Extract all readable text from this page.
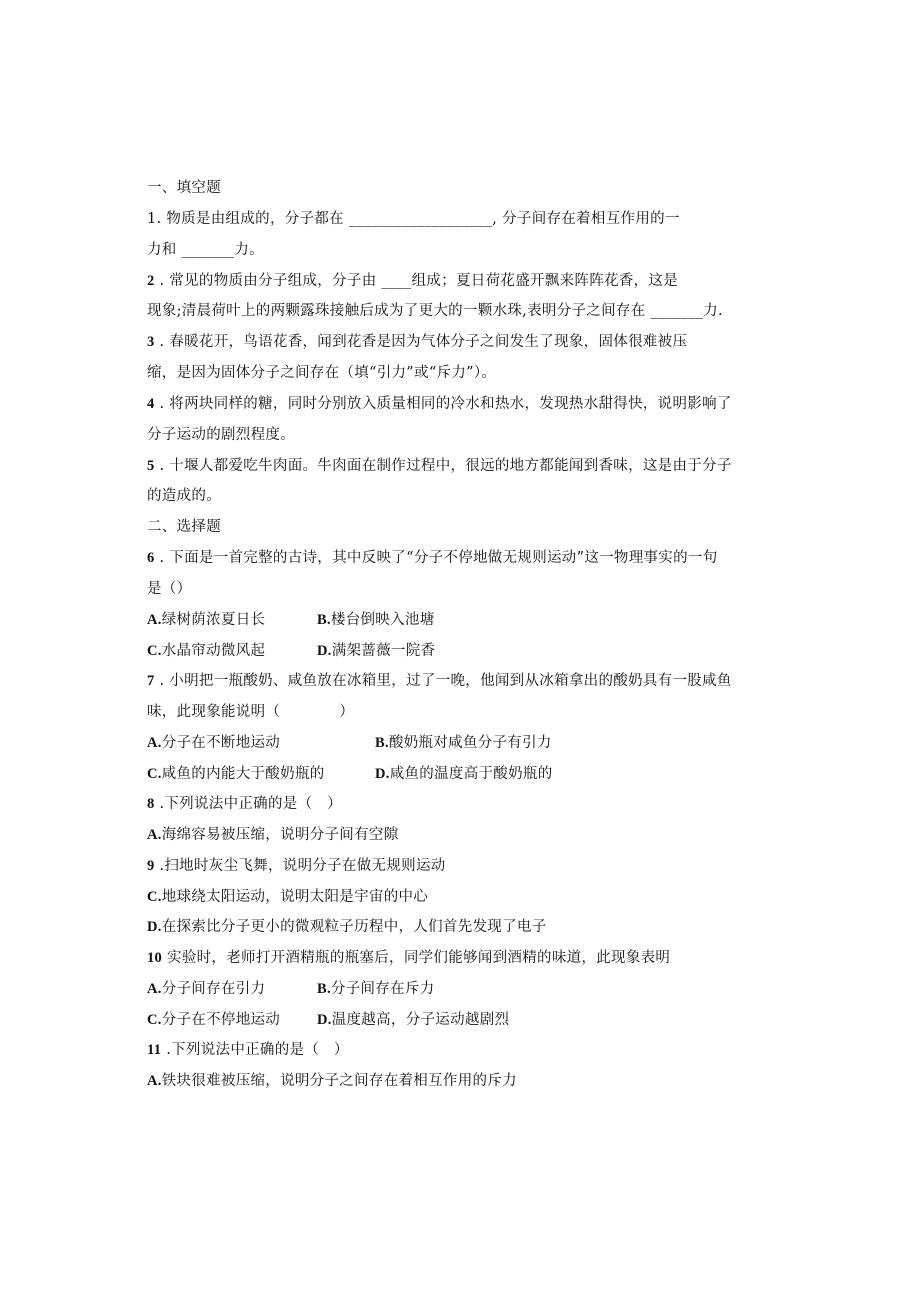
一、填空题
1. 物质是由组成的，分子都在 ___________________, 分子间存在着相互作用的一
力和 _______力。
2 . 常见的物质由分子组成，分子由 ____组成；夏日荷花盛开飘来阵阵花香，这是
现象;清晨荷叶上的两颗露珠接触后成为了更大的一颗水珠,表明分子之间存在 _______力.
3 . 春暖花开，鸟语花香，闻到花香是因为气体分子之间发生了现象，固体很难被压
缩，是因为固体分子之间存在（填“引力”或“斥力”）。
4 . 将两块同样的糖，同时分别放入质量相同的冷水和热水，发现热水甜得快，说明影响了
分子运动的剧烈程度。
5 . 十堰人都爱吃牛肉面。牛肉面在制作过程中，很远的地方都能闻到香味，这是由于分子
的造成的。
二、选择题
6 . 下面是一首完整的古诗，其中反映了“分子不停地做无规则运动”这一物理事实的一句
是（）
A.绿树荫浓夏日长	B.楼台倒映入池塘
C.水晶帘动微风起	D.满架蔷薇一院香
7 . 小明把一瓶酸奶、咸鱼放在冰箱里，过了一晚，他闻到从冰箱拿出的酸奶具有一股咸鱼
味，此现象能说明（　　　　）
A.分子在不断地运动	B.酸奶瓶对咸鱼分子有引力
C.咸鱼的内能大于酸奶瓶的	D.咸鱼的温度高于酸奶瓶的
8 .下列说法中正确的是（　）
A.海绵容易被压缩，说明分子间有空隙
9 .扫地时灰尘飞舞，说明分子在做无规则运动
C.地球绕太阳运动，说明太阳是宇宙的中心
D.在探索比分子更小的微观粒子历程中，人们首先发现了电子
10 实验时，老师打开酒精瓶的瓶塞后，同学们能够闻到酒精的味道，此现象表明
A.分子间存在引力	B.分子间存在斥力
C.分子在不停地运动	D.温度越高，分子运动越剧烈
11 .下列说法中正确的是（　）
A.铁块很难被压缩，说明分子之间存在着相互作用的斥力
